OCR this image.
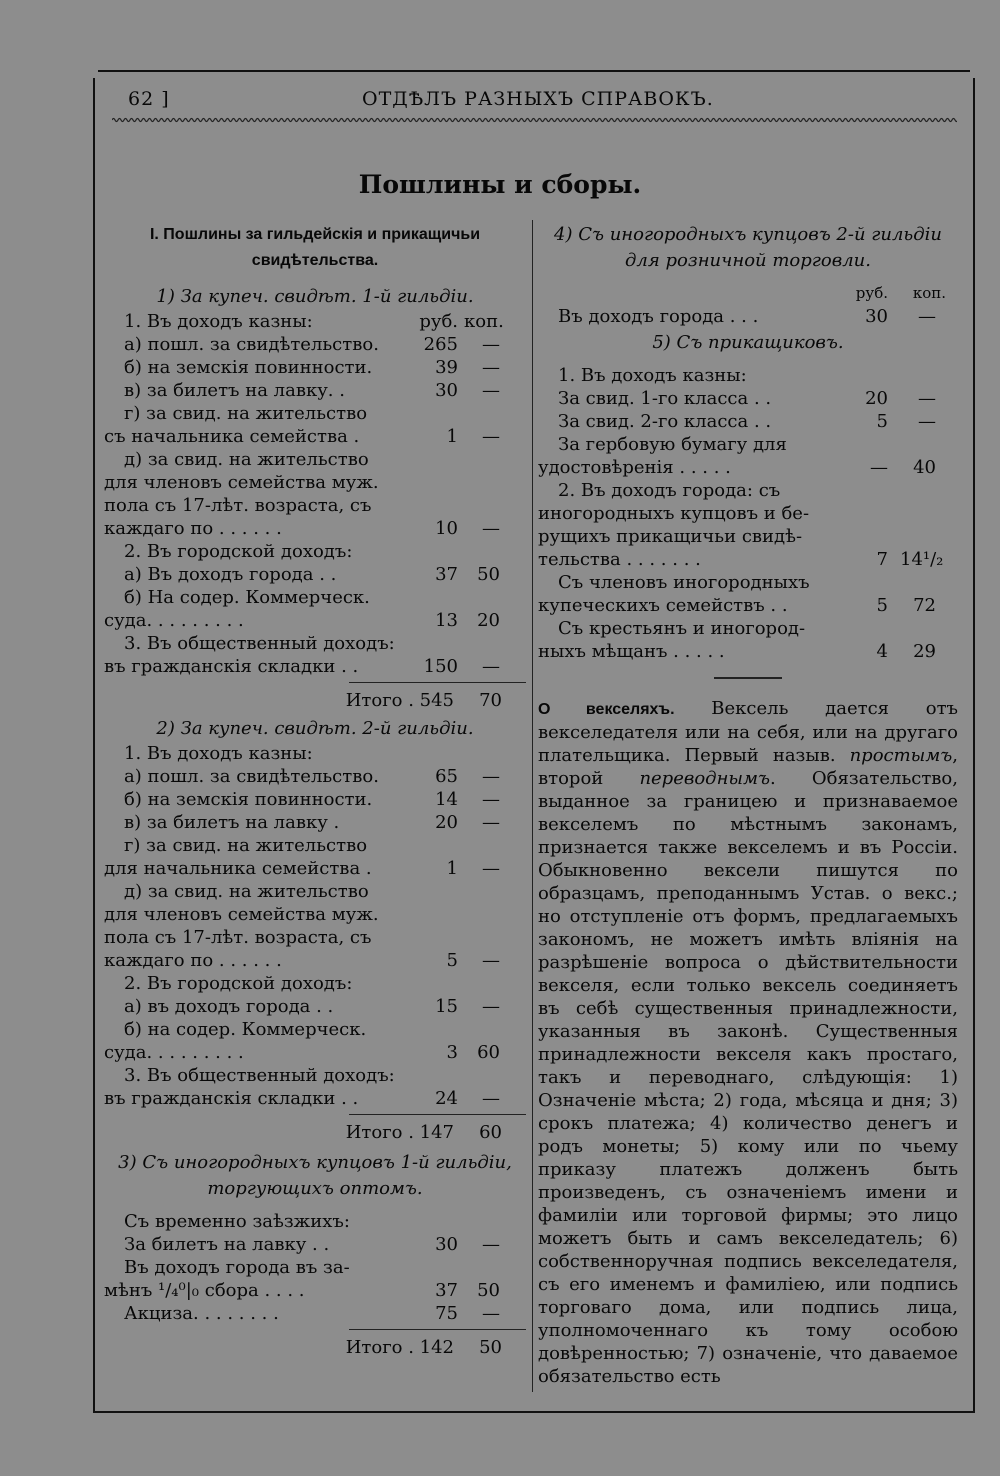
62 ]	ОТДѢЛЪ РАЗНЫХЪ СПРАВОКЪ.
Пошлины и сборы.
I. Пошлины за гильдейскія и прикащичьи свидѣтельства.
1) За купеч. свидѣт. 1-й гильдіи.
1. Въ доходъ казны:	руб. коп.
а) пошл. за свидѣтельство.	265	—
б) на земскія повинности.	39	—
в) за билетъ на лавку. .	30	—
г) за свид. на жительство
съ начальника семейства .	1	—
д) за свид. на жительство
для членовъ семейства муж.
пола съ 17-лѣт. возраста, съ
каждаго по . . . . . .	10	—
2. Въ городской доходъ:
а) Въ доходъ города . .	37	50
б) На содер. Коммерческ.
суда. . . . . . . . .	13	20
3. Въ общественный доходъ:
въ гражданскія складки . .	150	—
Итого . 545	70
2) За купеч. свидѣт. 2-й гильдіи.
1. Въ доходъ казны:
а) пошл. за свидѣтельство.	65	—
б) на земскія повинности.	14	—
в) за билетъ на лавку .	20	—
г) за свид. на жительство
для начальника семейства .	1	—
д) за свид. на жительство
для членовъ семейства муж.
пола съ 17-лѣт. возраста, съ
каждаго по . . . . . .	5	—
2. Въ городской доходъ:
а) въ доходъ города . .	15	—
б) на содер. Коммерческ.
суда. . . . . . . . .	3	60
3. Въ общественный доходъ:
въ гражданскія складки . .	24	—
Итого . 147	60
3) Съ иногородныхъ купцовъ 1-й гильдіи, торгующихъ оптомъ.
Съ временно заѣзжихъ:
За билетъ на лавку . .	30	—
Въ доходъ города въ за-
мѣнъ ¹/₄⁰|₀ сбора . . . .	37	50
Акциза. . . . . . . .	75	—
Итого . 142	50
4) Съ иногородныхъ купцовъ 2-й гильдіи для розничной торговли.
руб.	коп.
Въ доходъ города . . .	30	—
5) Съ прикащиковъ.
1. Въ доходъ казны:
За свид. 1-го класса . .	20	—
За свид. 2-го класса . .	5	—
За гербовую бумагу для
удостовѣренія . . . . .	—	40
2. Въ доходъ города: съ
иногородныхъ купцовъ и бе-
рущихъ прикащичьи свидѣ-
тельства . . . . . . .	7 14¹/₂
Съ членовъ иногородныхъ
купеческихъ семействъ . .	5	72
Съ крестьянъ и иногород-
ныхъ мѣщанъ . . . . .	4	29
О векселяхъ. Вексель дается отъ векселедателя или на себя, или на другаго плательщика. Первый назыв. простымъ, второй переводнымъ. Обязательство, выданное за границею и признаваемое векселемъ по мѣстнымъ законамъ, признается также векселемъ и въ Россіи. Обыкновенно вексели пишутся по образцамъ, преподаннымъ Устав. о векс.; но отступленіе отъ формъ, предлагаемыхъ закономъ, не можетъ имѣть вліянія на разрѣшеніе вопроса о дѣйствительности векселя, если только вексель соединяетъ въ себѣ существенныя принадлежности, указанныя въ законѣ. Существенныя принадлежности векселя какъ простаго, такъ и переводнаго, слѣдующія: 1) Означеніе мѣста; 2) года, мѣсяца и дня; 3) срокъ платежа; 4) количество денегъ и родъ монеты; 5) кому или по чьему приказу платежъ долженъ быть произведенъ, съ означеніемъ имени и фамиліи или торговой фирмы; это лицо можетъ быть и самъ векселедатель; 6) собственноручная подпись векселедателя, съ его именемъ и фамиліею, или подпись торговаго дома, или подпись лица, уполномоченнаго къ тому особою довѣренностью; 7) означеніе, что даваемое обязательство есть
